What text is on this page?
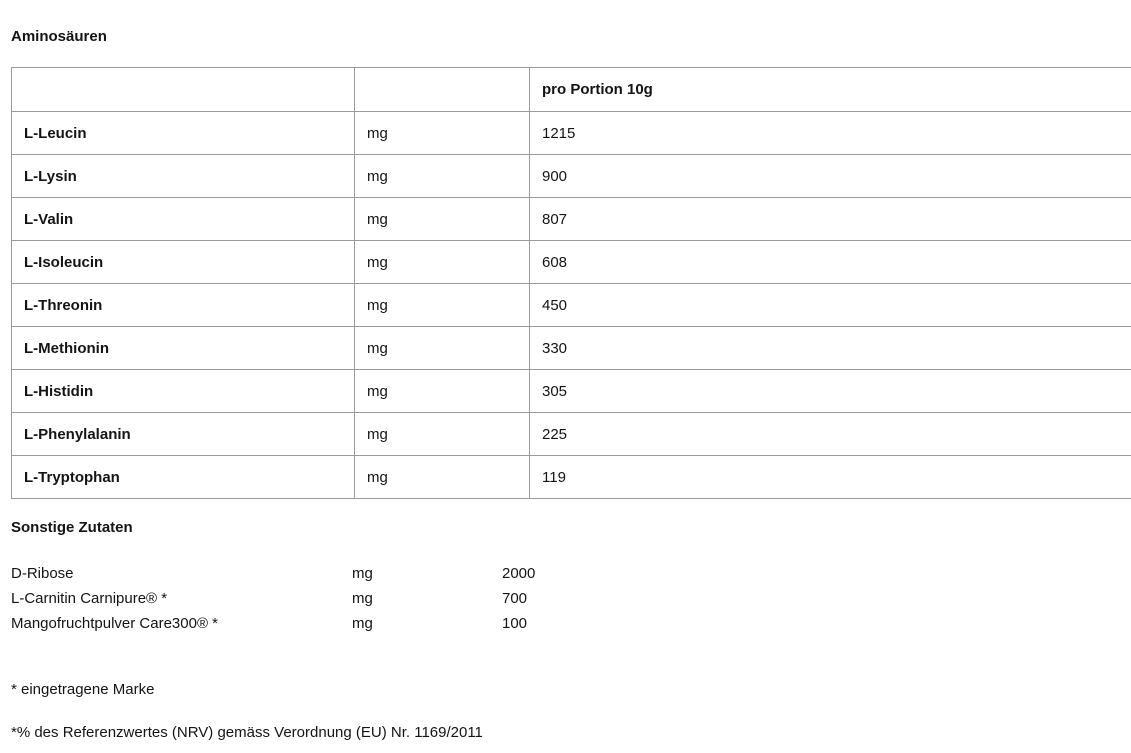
Aminosäuren
		pro Portion 10g
L-Leucin	mg	1215
L-Lysin	mg	900
L-Valin	mg	807
L-Isoleucin	mg	608
L-Threonin	mg	450
L-Methionin	mg	330
L-Histidin	mg	305
L-Phenylalanin	mg	225
L-Tryptophan	mg	119
Sonstige Zutaten
D-Ribose	mg	2000
L-Carnitin Carnipure® *	mg	700
Mangofruchtpulver Care300® *	mg	100
* eingetragene Marke
*% des Referenzwertes (NRV) gemäss Verordnung (EU) Nr. 1169/2011
